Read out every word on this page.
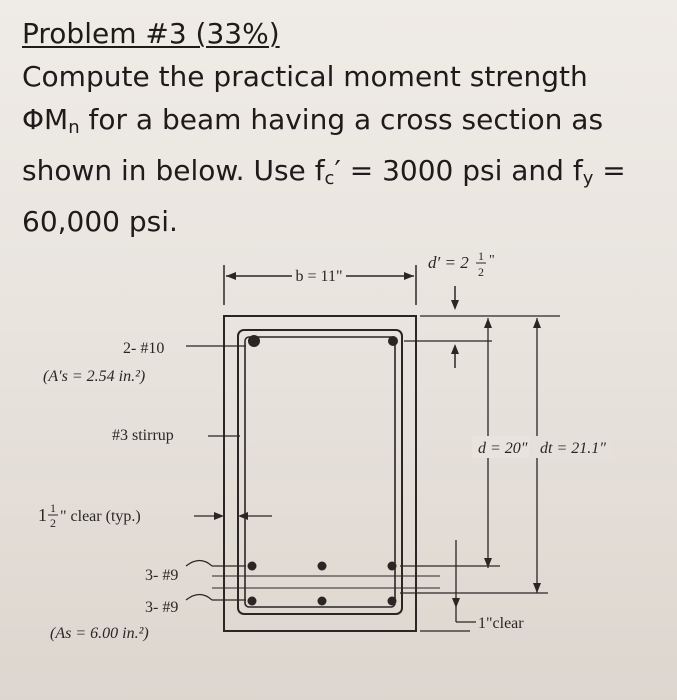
Problem #3 (33%)
Compute the practical moment strength
$\Phi M_n$ for a beam having a cross section as
shown in below. Use $f_c' = 3000$ psi and $f_y$ =
60,000 psi.
b = 11"
d′ = 2 1
2
"
d = 20" dt = 21.1"
1"clear
2- #10
(A′s = 2.54 in.²)
#3 stirrup
1 1
2 " clear (typ.)
3- #9
3- #9
(As = 6.00 in.²)
